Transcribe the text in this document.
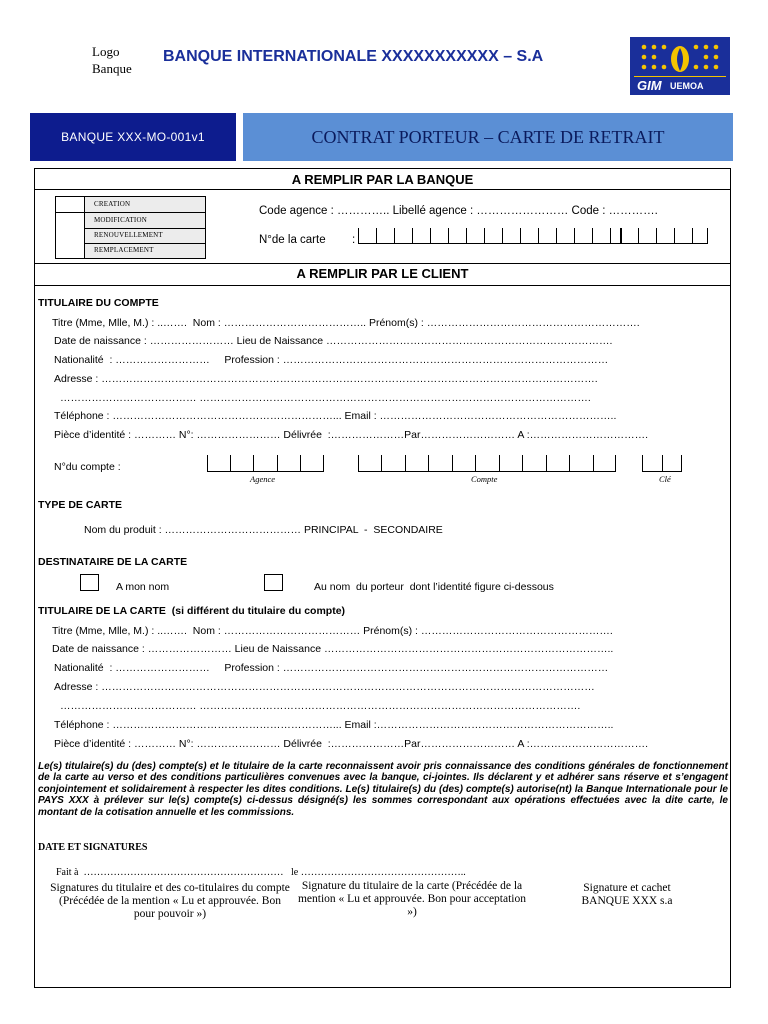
Logo
Banque
BANQUE INTERNATIONALE XXXXXXXXXXX – S.A
GIM UEMOA
BANQUE XXX-MO-001v1	CONTRAT PORTEUR – CARTE DE RETRAIT
A REMPLIR PAR LA BANQUE
CREATION
MODIFICATION
RENOUVELLEMENT
REMPLACEMENT
Code agence : ………….. Libellé agence : …………………… Code : ………….
N°de la carte :
A REMPLIR PAR LE CLIENT
TITULAIRE DU COMPTE
Titre (Mme, Mlle, M.) : ..…….  Nom : ………………………………….. Prénom(s) : …………………………………………………….
Date de naissance : …………………… Lieu de Naissance ……………………………………………………………………….
Nationalité  : ………………………     Profession : …………………………………………………………………………………
Adresse : …………………………………………………………………………………………………………………………….
………………………………… ………………………………………………………………………………………………….
Téléphone : ………………………………………………………... Email : …………………………………………………………..
Pièce d’identité : ………… N°: …………………… Délivrée  :…………………Par……………………… A :…………………………….
N°du compte :
Agence	Compte	Clé
TYPE DE CARTE
Nom du produit : ………………………………… PRINCIPAL  -  SECONDAIRE
DESTINATAIRE DE LA CARTE
A mon nom	Au nom  du porteur  dont l’identité figure ci-dessous
TITULAIRE DE LA CARTE  (si différent du titulaire du compte)
Titre (Mme, Mlle, M.) : ..…….  Nom : ………………………………… Prénom(s) : ……………………………………………….
Date de naissance : …………………… Lieu de Naissance ………………………………………………………………………..
Nationalité  : ………………………     Profession : …………………………………………………………………………………
Adresse : ……………………………………………………………………………………………………………………………
………………………………… ……………………………………………………………………………………………….
Téléphone : ………………………………………………………... Email :…………………………………………………………..
Pièce d’identité : ………… N°: …………………… Délivrée  :…………………Par……………………… A :…………………………….
Le(s) titulaire(s) du (des) compte(s) et le titulaire de la carte reconnaissent avoir pris connaissance des conditions générales de fonctionnement de la carte au verso et des conditions particulières convenues avec la banque, ci-jointes. Ils déclarent y et adhérer sans réserve et s’engagent conjointement et solidairement à respecter les dites conditions. Le(s) titulaire(s) du (des) compte(s) autorise(nt) la Banque Internationale pour le PAYS XXX à prélever sur le(s) compte(s) ci-dessus désigné(s) les sommes correspondant aux opérations effectuées avec la dite carte, le montant de la cotisation annuelle et les commissions.
DATE ET SIGNATURES
Fait à  ……………………………………………………   le …………………………………………..
Signatures du titulaire et des co-titulaires du compte (Précédée de la mention « Lu et approuvée. Bon pour pouvoir »)
Signature du titulaire de la carte (Précédée de la mention « Lu et approuvée. Bon pour acceptation »)
Signature et cachet BANQUE XXX s.a
